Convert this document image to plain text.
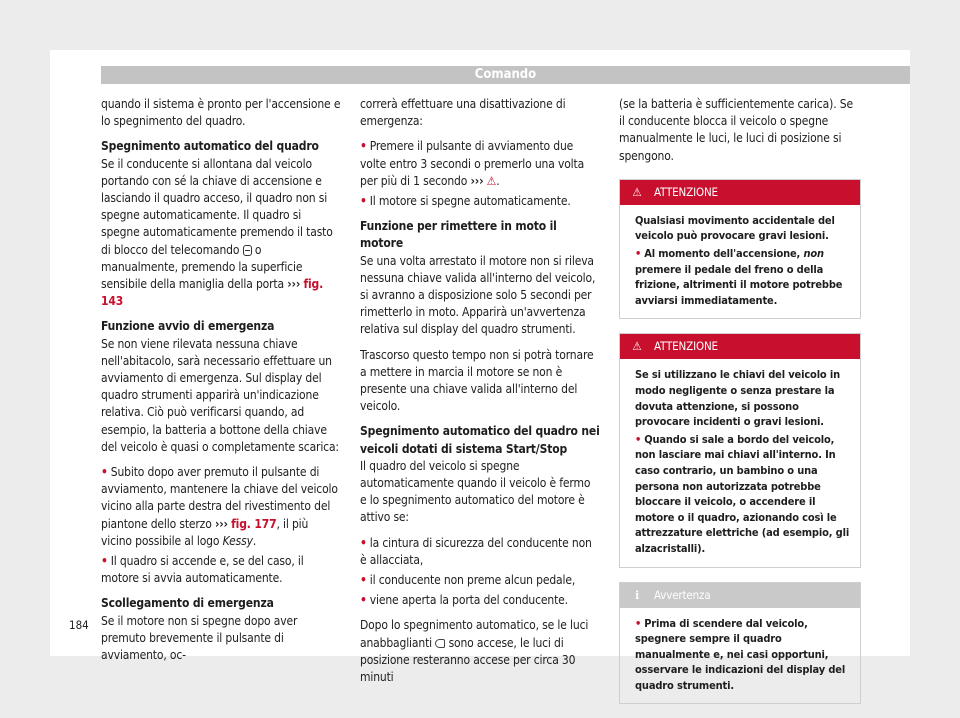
Comando

quando il sistema è pronto per l'accensione e lo spegnimento del quadro.

Spegnimento automatico del quadro

Se il conducente si allontana dal veicolo portando con sé la chiave di accensione e lasciando il quadro acceso, il quadro non si spegne automaticamente. Il quadro si spegne automaticamente premendo il tasto di blocco del telecomando o manualmente, premendo la superficie sensibile della maniglia della porta ››› fig. 143

Funzione avvio di emergenza

Se non viene rilevata nessuna chiave nell'abitacolo, sarà necessario effettuare un avviamento di emergenza. Sul display del quadro strumenti apparirà un'indicazione relativa. Ciò può verificarsi quando, ad esempio, la batteria a bottone della chiave del veicolo è quasi o completamente scarica:

• Subito dopo aver premuto il pulsante di avviamento, mantenere la chiave del veicolo vicino alla parte destra del rivestimento del piantone dello sterzo ››› fig. 177, il più vicino possibile al logo Kessy.

• Il quadro si accende e, se del caso, il motore si avvia automaticamente.

Scollegamento di emergenza

Se il motore non si spegne dopo aver premuto brevemente il pulsante di avviamento, oc-

correrà effettuare una disattivazione di emergenza:

• Premere il pulsante di avviamento due volte entro 3 secondi o premerlo una volta per più di 1 secondo ››› ⚠.

• Il motore si spegne automaticamente.

Funzione per rimettere in moto il motore

Se una volta arrestato il motore non si rileva nessuna chiave valida all'interno del veicolo, si avranno a disposizione solo 5 secondi per rimetterlo in moto. Apparirà un'avvertenza relativa sul display del quadro strumenti.

Trascorso questo tempo non si potrà tornare a mettere in marcia il motore se non è presente una chiave valida all'interno del veicolo.

Spegnimento automatico del quadro nei veicoli dotati di sistema Start/Stop

Il quadro del veicolo si spegne automaticamente quando il veicolo è fermo e lo spegnimento automatico del motore è attivo se:

• la cintura di sicurezza del conducente non è allacciata,

• il conducente non preme alcun pedale,

• viene aperta la porta del conducente.

Dopo lo spegnimento automatico, se le luci anabbaglianti sono accese, le luci di posizione resteranno accese per circa 30 minuti

(se la batteria è sufficientemente carica). Se il conducente blocca il veicolo o spegne manualmente le luci, le luci di posizione si spengono.

⚠ ATTENZIONE

Qualsiasi movimento accidentale del veicolo può provocare gravi lesioni.

• Al momento dell'accensione, non premere il pedale del freno o della frizione, altrimenti il motore potrebbe avviarsi immediatamente.

⚠ ATTENZIONE

Se si utilizzano le chiavi del veicolo in modo negligente o senza prestare la dovuta attenzione, si possono provocare incidenti o gravi lesioni.

• Quando si sale a bordo del veicolo, non lasciare mai chiavi all'interno. In caso contrario, un bambino o una persona non autorizzata potrebbe bloccare il veicolo, o accendere il motore o il quadro, azionando così le attrezzature elettriche (ad esempio, gli alzacristalli).

ℹ Avvertenza

• Prima di scendere dal veicolo, spegnere sempre il quadro manualmente e, nei casi opportuni, osservare le indicazioni del display del quadro strumenti.

184
